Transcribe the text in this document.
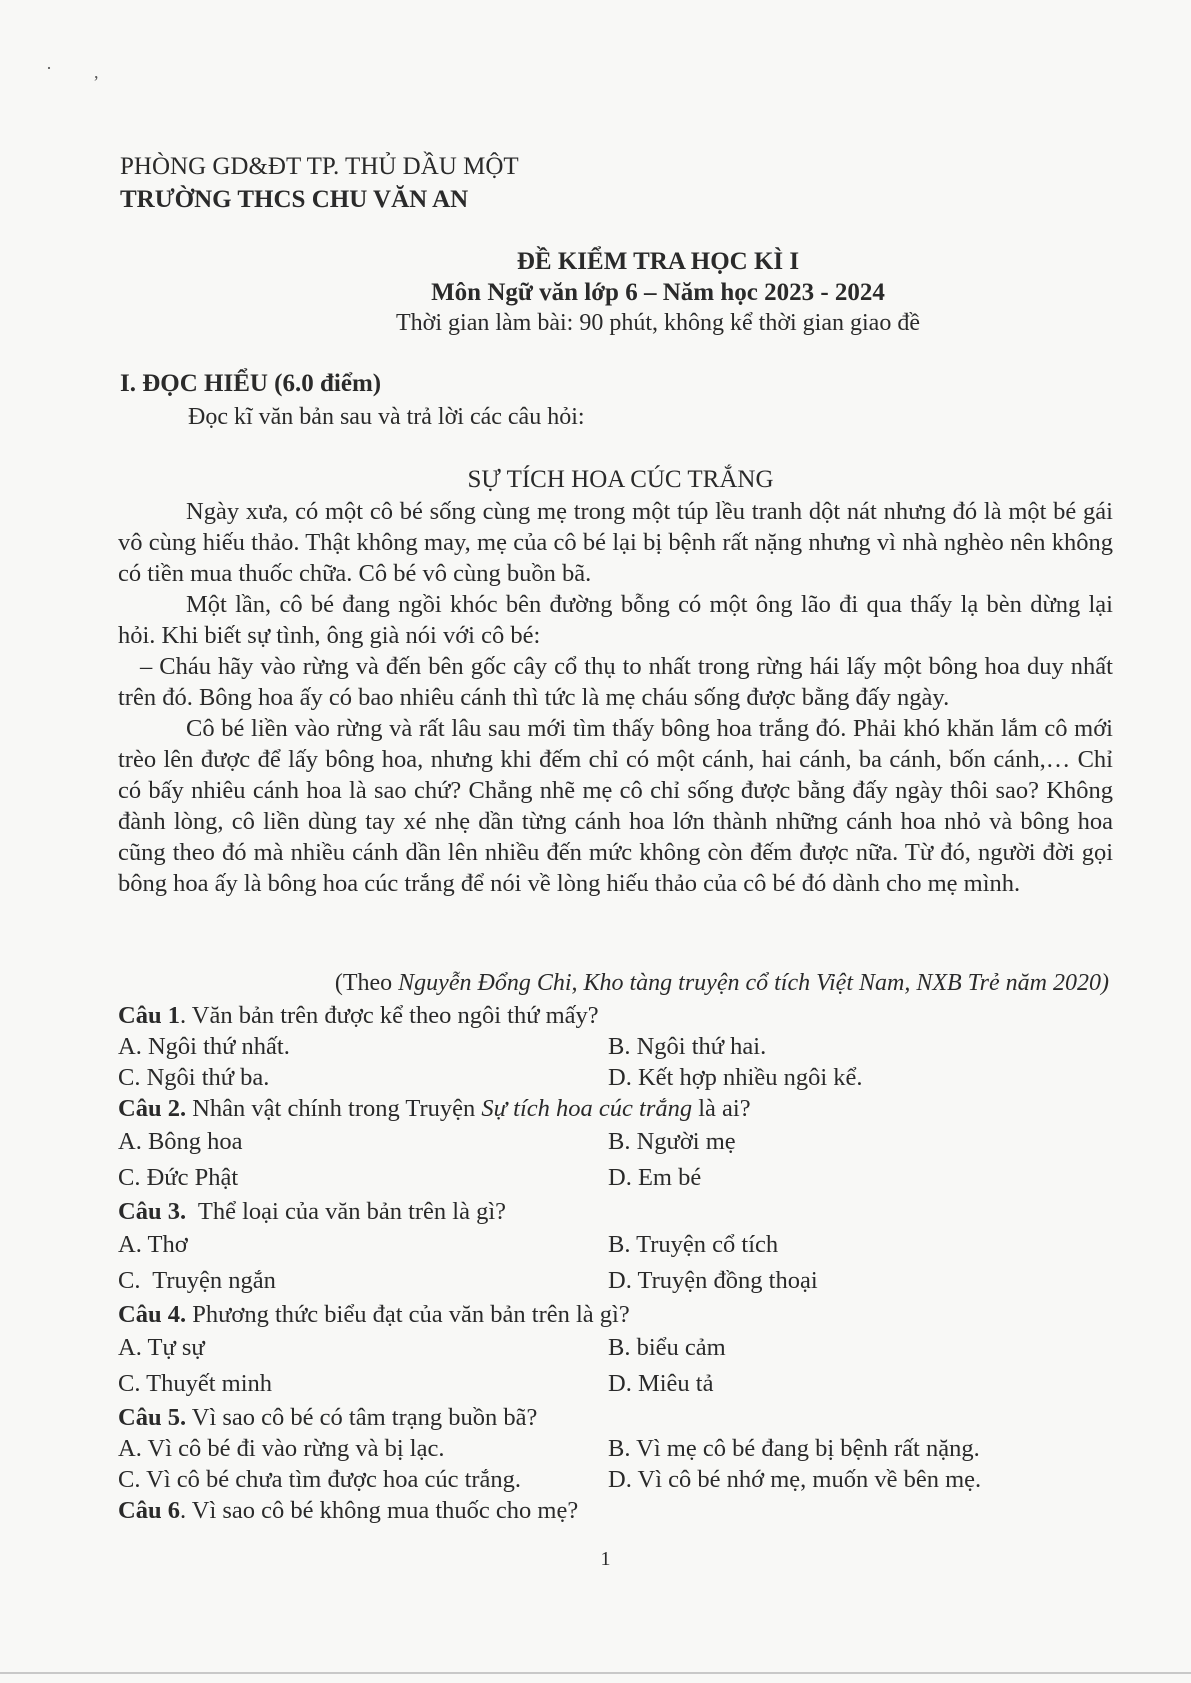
· ,
PHÒNG GD&ĐT TP. THỦ DẦU MỘT
TRƯỜNG THCS CHU VĂN AN
ĐỀ KIỂM TRA HỌC KÌ I
Môn Ngữ văn lớp 6 – Năm học 2023 - 2024
Thời gian làm bài: 90 phút, không kể thời gian giao đề
I. ĐỌC HIỂU (6.0 điểm)
Đọc kĩ văn bản sau và trả lời các câu hỏi:
SỰ TÍCH HOA CÚC TRẮNG

Ngày xưa, có một cô bé sống cùng mẹ trong một túp lều tranh dột nát nhưng đó là một bé gái vô cùng hiếu thảo. Thật không may, mẹ của cô bé lại bị bệnh rất nặng nhưng vì nhà nghèo nên không có tiền mua thuốc chữa. Cô bé vô cùng buồn bã.

Một lần, cô bé đang ngồi khóc bên đường bỗng có một ông lão đi qua thấy lạ bèn dừng lại hỏi. Khi biết sự tình, ông già nói với cô bé:

– Cháu hãy vào rừng và đến bên gốc cây cổ thụ to nhất trong rừng hái lấy một bông hoa duy nhất trên đó. Bông hoa ấy có bao nhiêu cánh thì tức là mẹ cháu sống được bằng đấy ngày.

Cô bé liền vào rừng và rất lâu sau mới tìm thấy bông hoa trắng đó. Phải khó khăn lắm cô mới trèo lên được để lấy bông hoa, nhưng khi đếm chỉ có một cánh, hai cánh, ba cánh, bốn cánh,… Chỉ có bấy nhiêu cánh hoa là sao chứ? Chẳng nhẽ mẹ cô chỉ sống được bằng đấy ngày thôi sao? Không đành lòng, cô liền dùng tay xé nhẹ dần từng cánh hoa lớn thành những cánh hoa nhỏ và bông hoa cũng theo đó mà nhiều cánh dần lên nhiều đến mức không còn đếm được nữa. Từ đó, người đời gọi bông hoa ấy là bông hoa cúc trắng để nói về lòng hiếu thảo của cô bé đó dành cho mẹ mình.

(Theo Nguyễn Đổng Chi, Kho tàng truyện cổ tích Việt Nam, NXB Trẻ năm 2020)
Câu 1. Văn bản trên được kể theo ngôi thứ mấy?
A. Ngôi thứ nhất.	B. Ngôi thứ hai.
C. Ngôi thứ ba.	D. Kết hợp nhiều ngôi kể.
Câu 2. Nhân vật chính trong Truyện Sự tích hoa cúc trắng là ai?
A. Bông hoa	B. Người mẹ
C. Đức Phật	D. Em bé
Câu 3.  Thể loại của văn bản trên là gì?
A. Thơ	B. Truyện cổ tích
C.  Truyện ngắn	D. Truyện đồng thoại
Câu 4. Phương thức biểu đạt của văn bản trên là gì?
A. Tự sự	B. biểu cảm
C. Thuyết minh	D. Miêu tả
Câu 5. Vì sao cô bé có tâm trạng buồn bã?
A. Vì cô bé đi vào rừng và bị lạc.	B. Vì mẹ cô bé đang bị bệnh rất nặng.
C. Vì cô bé chưa tìm được hoa cúc trắng.	D. Vì cô bé nhớ mẹ, muốn về bên mẹ.
Câu 6. Vì sao cô bé không mua thuốc cho mẹ?
1
